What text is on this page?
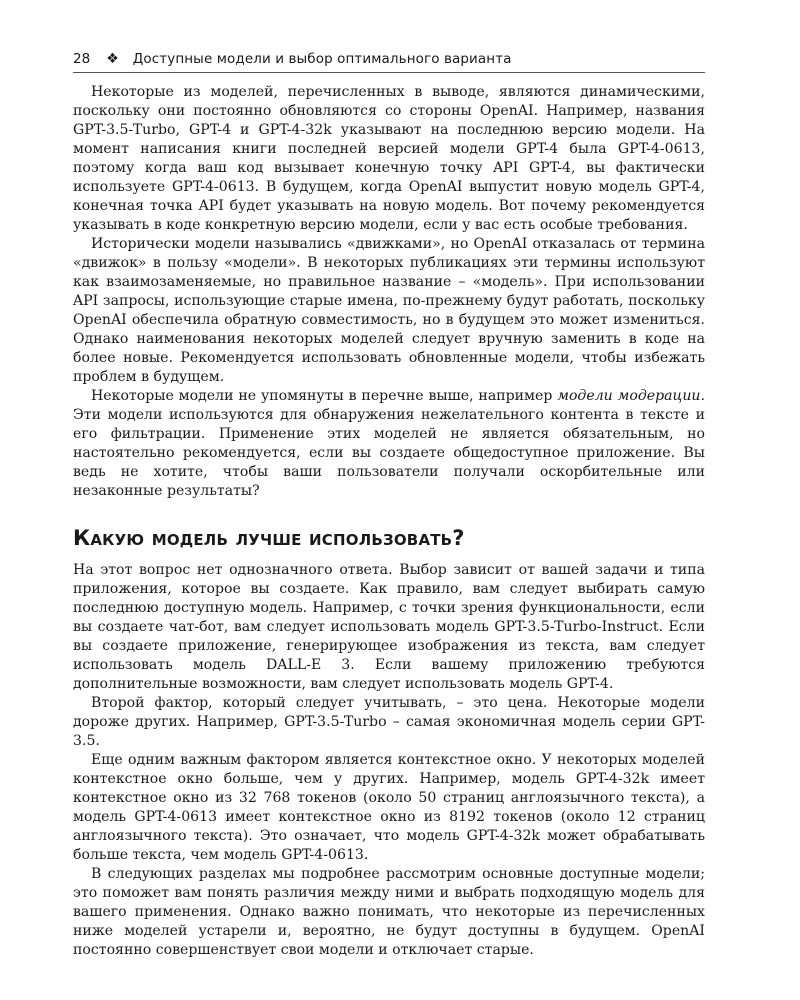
28 ❖ Доступные модели и выбор оптимального варианта

Некоторые из моделей, перечисленных в выводе, являются динамическими, поскольку они постоянно обновляются со стороны OpenAI. Например, названия GPT-3.5-Turbo, GPT-4 и GPT-4-32k указывают на последнюю версию модели. На момент написания книги последней версией модели GPT-4 была GPT-4-0613, поэтому когда ваш код вызывает конечную точку API GPT-4, вы фактически используете GPT-4-0613. В будущем, когда OpenAI выпустит новую модель GPT-4, конечная точка API будет указывать на новую модель. Вот почему рекомендуется указывать в коде конкретную версию модели, если у вас есть особые требования.

Исторически модели назывались «движками», но OpenAI отказалась от термина «движок» в пользу «модели». В некоторых публикациях эти термины используют как взаимозаменяемые, но правильное название – «модель». При использовании API запросы, использующие старые имена, по-прежнему будут работать, поскольку OpenAI обеспечила обратную совместимость, но в будущем это может измениться. Однако наименования некоторых моделей следует вручную заменить в коде на более новые. Рекомендуется использовать обновленные модели, чтобы избежать проблем в будущем.

Некоторые модели не упомянуты в перечне выше, например модели модерации. Эти модели используются для обнаружения нежелательного контента в тексте и его фильтрации. Применение этих моделей не является обязательным, но настоятельно рекомендуется, если вы создаете общедоступное приложение. Вы ведь не хотите, чтобы ваши пользователи получали оскорбительные или незаконные результаты?

Какую модель лучше использовать?

На этот вопрос нет однозначного ответа. Выбор зависит от вашей задачи и типа приложения, которое вы создаете. Как правило, вам следует выбирать самую последнюю доступную модель. Например, с точки зрения функциональности, если вы создаете чат-бот, вам следует использовать модель GPT-3.5-Turbo-Instruct. Если вы создаете приложение, генерирующее изображения из текста, вам следует использовать модель DALL-E 3. Если вашему приложению требуются дополнительные возможности, вам следует использовать модель GPT-4.

Второй фактор, который следует учитывать, – это цена. Некоторые модели дороже других. Например, GPT-3.5-Turbo – самая экономичная модель серии GPT-3.5.

Еще одним важным фактором является контекстное окно. У некоторых моделей контекстное окно больше, чем у других. Например, модель GPT-4-32k имеет контекстное окно из 32 768 токенов (около 50 страниц англоязычного текста), а модель GPT-4-0613 имеет контекстное окно из 8192 токенов (около 12 страниц англоязычного текста). Это означает, что модель GPT-4-32k может обрабатывать больше текста, чем модель GPT-4-0613.

В следующих разделах мы подробнее рассмотрим основные доступные модели; это поможет вам понять различия между ними и выбрать подходящую модель для вашего применения. Однако важно понимать, что некоторые из перечисленных ниже моделей устарели и, вероятно, не будут доступны в будущем. OpenAI постоянно совершенствует свои модели и отключает старые.
